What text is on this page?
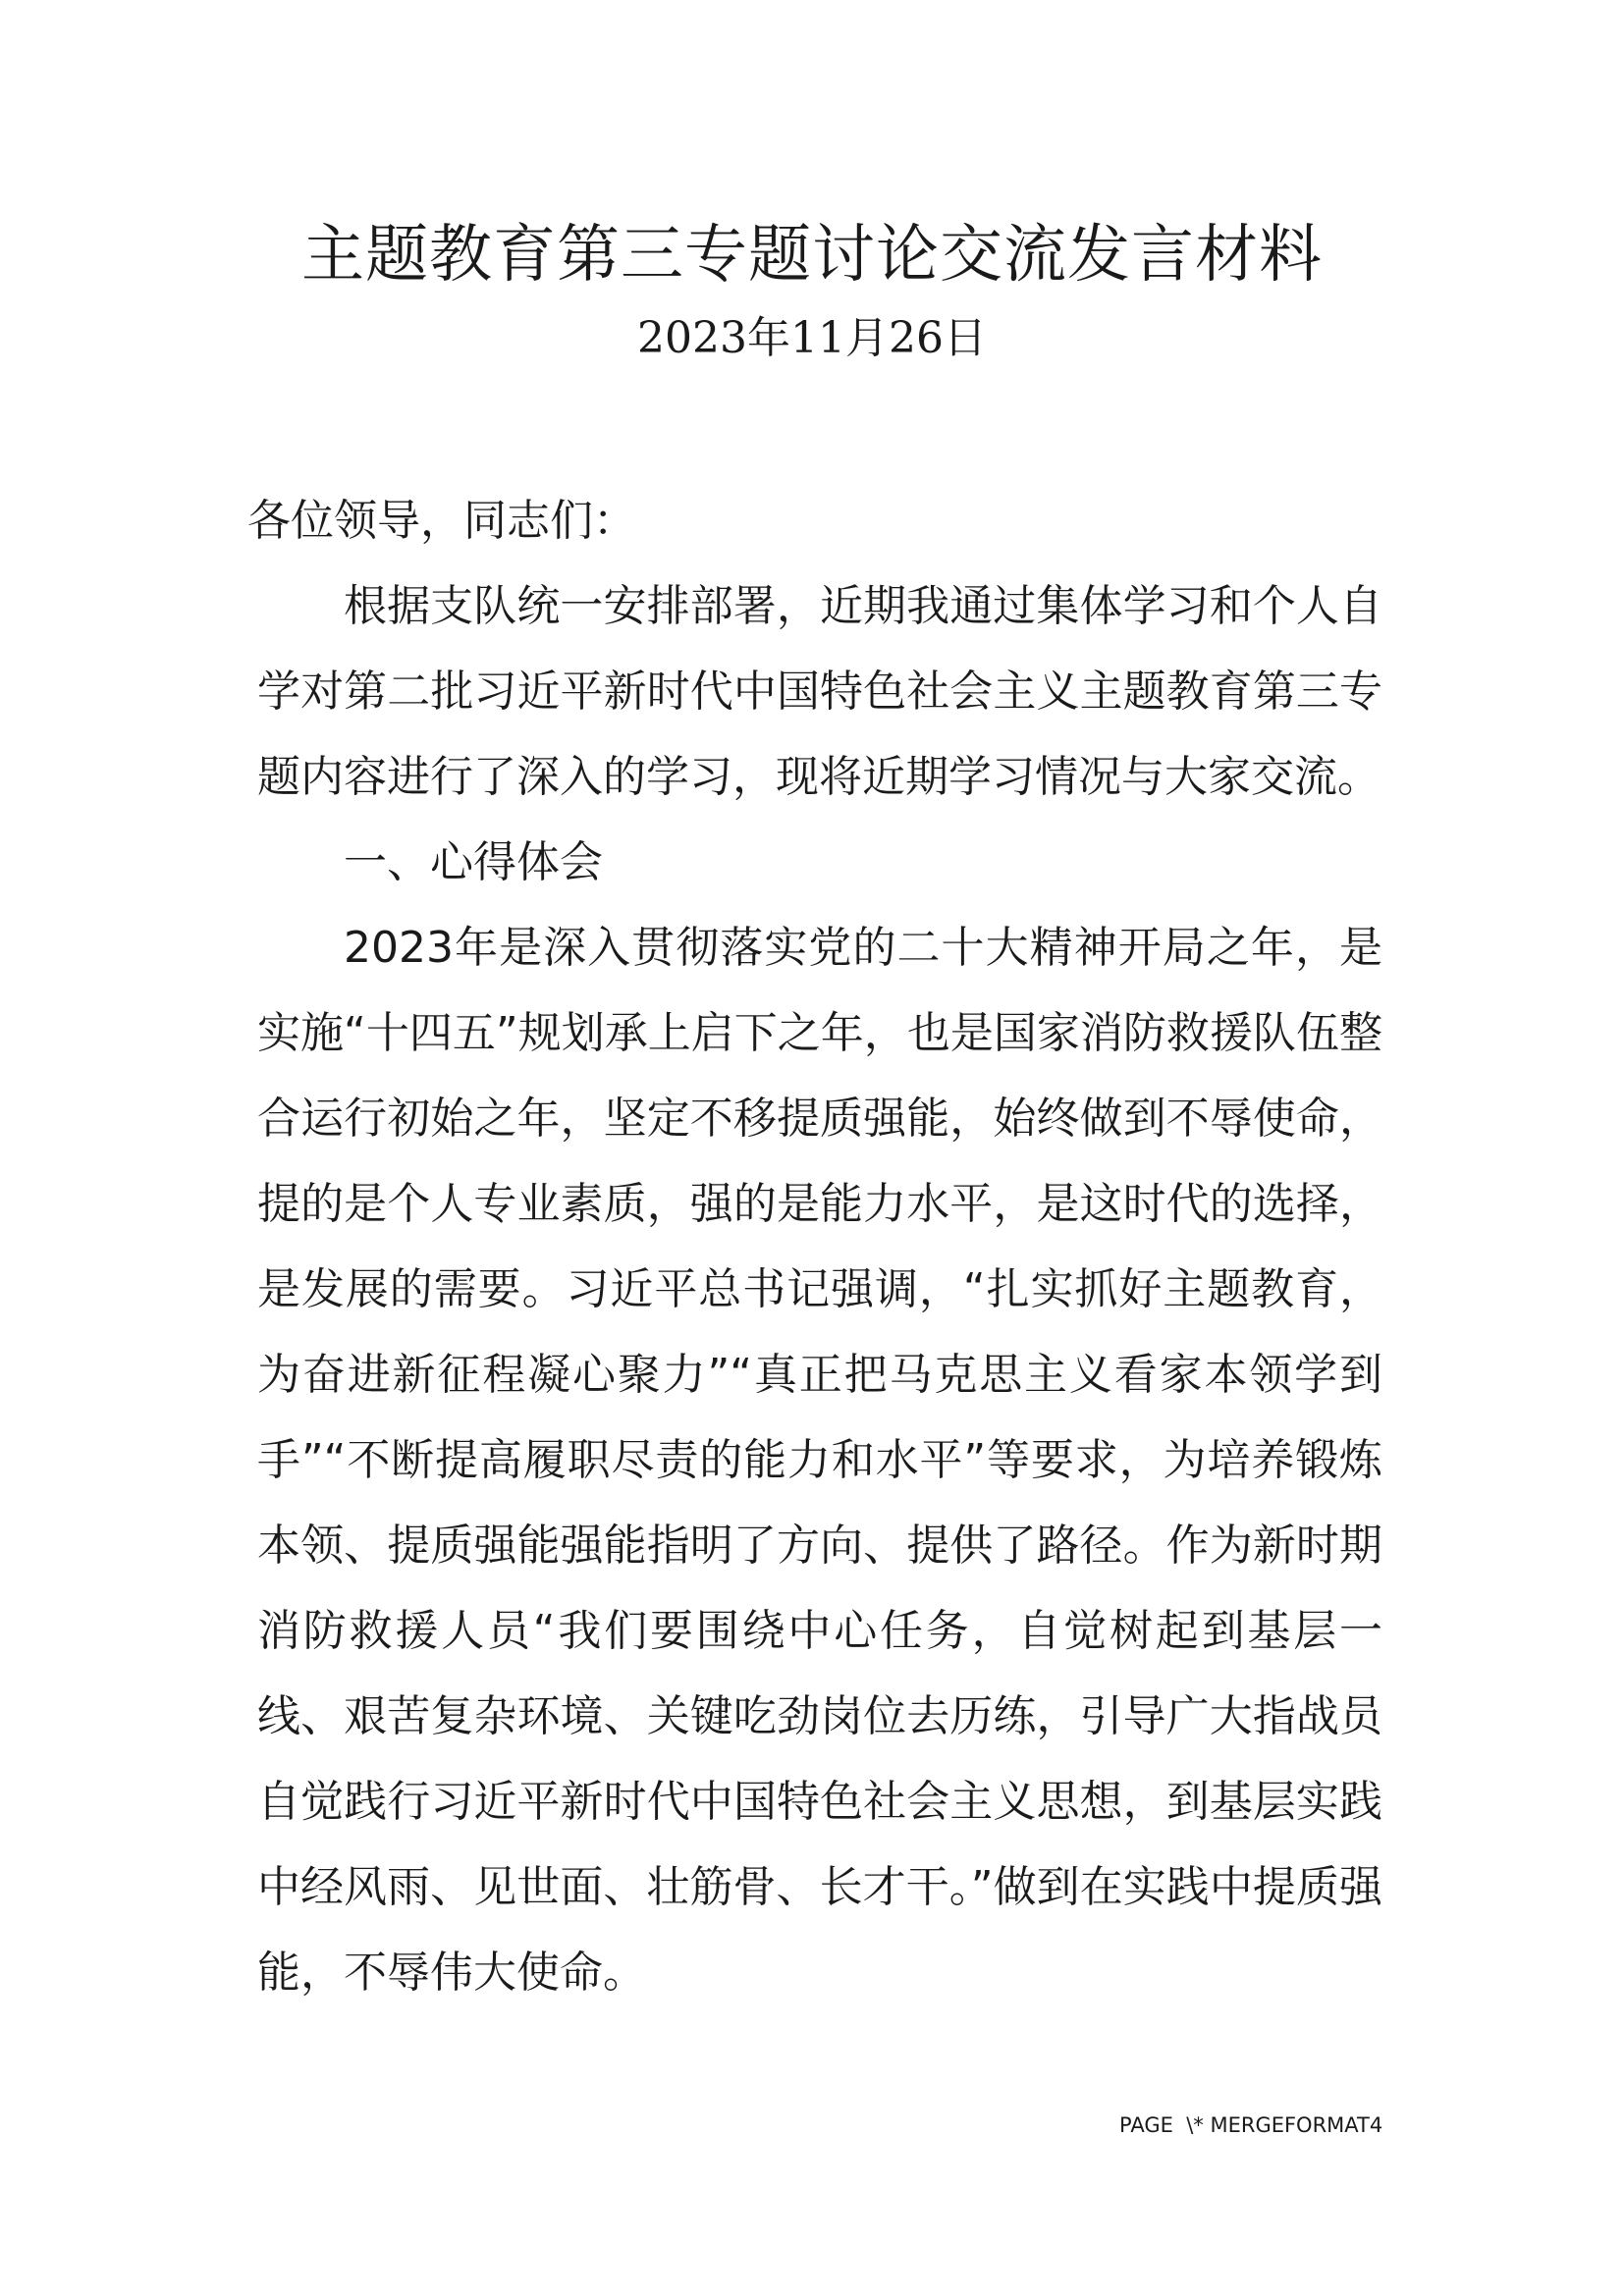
主题教育第三专题讨论交流发言材料
2023年11月26日

各位领导，同志们：

根据支队统一安排部署，近期我通过集体学习和个人自学对第二批习近平新时代中国特色社会主义主题教育第三专题内容进行了深入的学习，现将近期学习情况与大家交流。

一、心得体会

2023年是深入贯彻落实党的二十大精神开局之年，是实施“十四五”规划承上启下之年，也是国家消防救援队伍整合运行初始之年，坚定不移提质强能，始终做到不辱使命，提的是个人专业素质，强的是能力水平，是这时代的选择，是发展的需要。习近平总书记强调，“扎实抓好主题教育，为奋进新征程凝心聚力”“真正把马克思主义看家本领学到手”“不断提高履职尽责的能力和水平”等要求，为培养锻炼本领、提质强能强能指明了方向、提供了路径。作为新时期消防救援人员“我们要围绕中心任务，自觉树起到基层一线、艰苦复杂环境、关键吃劲岗位去历练，引导广大指战员自觉践行习近平新时代中国特色社会主义思想，到基层实践中经风雨、见世面、壮筋骨、长才干。”做到在实践中提质强能，不辱伟大使命。

PAGE  \* MERGEFORMAT4
